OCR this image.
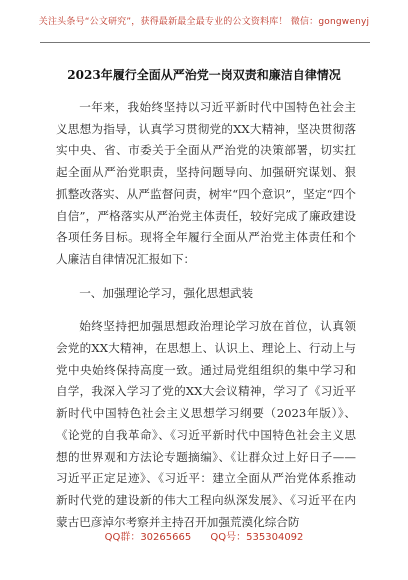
关注头条号“公文研究”，获得最新最全最专业的公文资料库！ 微信：gongwenyj
2023年履行全面从严治党一岗双责和廉洁自律情况

一年来，我始终坚持以习近平新时代中国特色社会主义思想为指导，认真学习贯彻党的XX大精神，坚决贯彻落实中央、省、市委关于全面从严治党的决策部署，切实扛起全面从严治党职责，坚持问题导向、加强研究谋划、狠抓整改落实、从严监督问责，树牢“四个意识”，坚定“四个自信”，严格落实从严治党主体责任，较好完成了廉政建设各项任务目标。现将全年履行全面从严治党主体责任和个人廉洁自律情况汇报如下：

一、加强理论学习，强化思想武装

始终坚持把加强思想政治理论学习放在首位，认真领会党的XX大精神，在思想上、认识上、理论上、行动上与党中央始终保持高度一致。通过局党组组织的集中学习和自学，我深入学习了党的XX大会议精神，学习了《习近平新时代中国特色社会主义思想学习纲要（2023年版）》、《论党的自我革命》、《习近平新时代中国特色社会主义思想的世界观和方法论专题摘编》、《让群众过上好日子——习近平正定足迹》、《习近平：建立全面从严治党体系推动新时代党的建设新的伟大工程向纵深发展》、《习近平在内蒙古巴彦淖尔考察并主持召开加强荒漠化综合防

QQ群：30265665 QQ号：535304092
